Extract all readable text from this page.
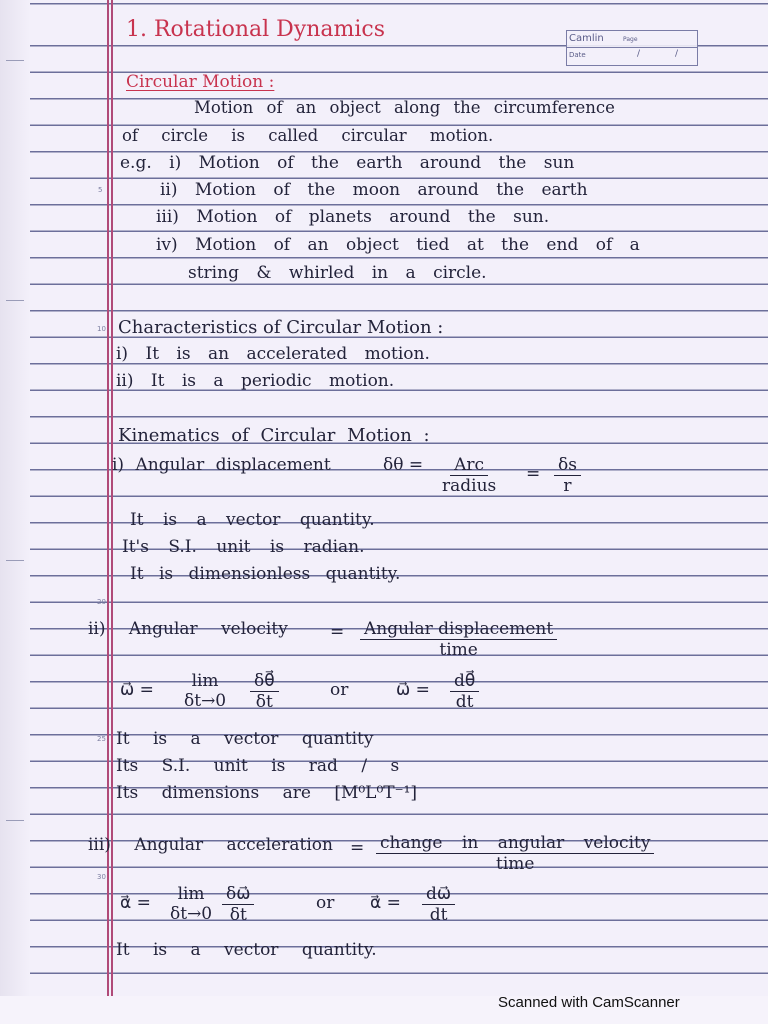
5
10
20
25
30
Camlin	Page
Date	/	/
1. Rotational Dynamics
Circular Motion :
Motion of an object along the circumference
of circle is called circular motion.
e.g. i) Motion of the earth around the sun
ii) Motion of the moon around the earth
iii) Motion of planets around the sun.
iv) Motion of an object tied at the end of a
string & whirled in a circle.
Characteristics of Circular Motion :
i) It is an accelerated motion.
ii) It is a periodic motion.
Kinematics of Circular Motion :
i) Angular displacement	δθ = Arc
radius
= $\frac{\delta s}{r}$
It is a vector quantity.
It's S.I. unit is radian.
It is dimensionless quantity.
ii) Angular velocity = Angular displacement
time
ω⃗ = lim
$\delta t\to 0 \frac{\delta\theta⃗}{\delta t}$	or	ω⃗ = $\frac{d\theta⃗}{dt}$
It is a vector quantity
Its S.I. unit is rad / s
Its dimensions are [M⁰L⁰T⁻¹]
iii) Angular acceleration = change in angular velocity
time
α⃗ = lim
$\delta t\to 0 \frac{\delta\omega⃗}{\delta t}$	or α⃗ = $\frac{d\omega⃗}{dt}$
It is a vector quantity.
Scanned with CamScanner
